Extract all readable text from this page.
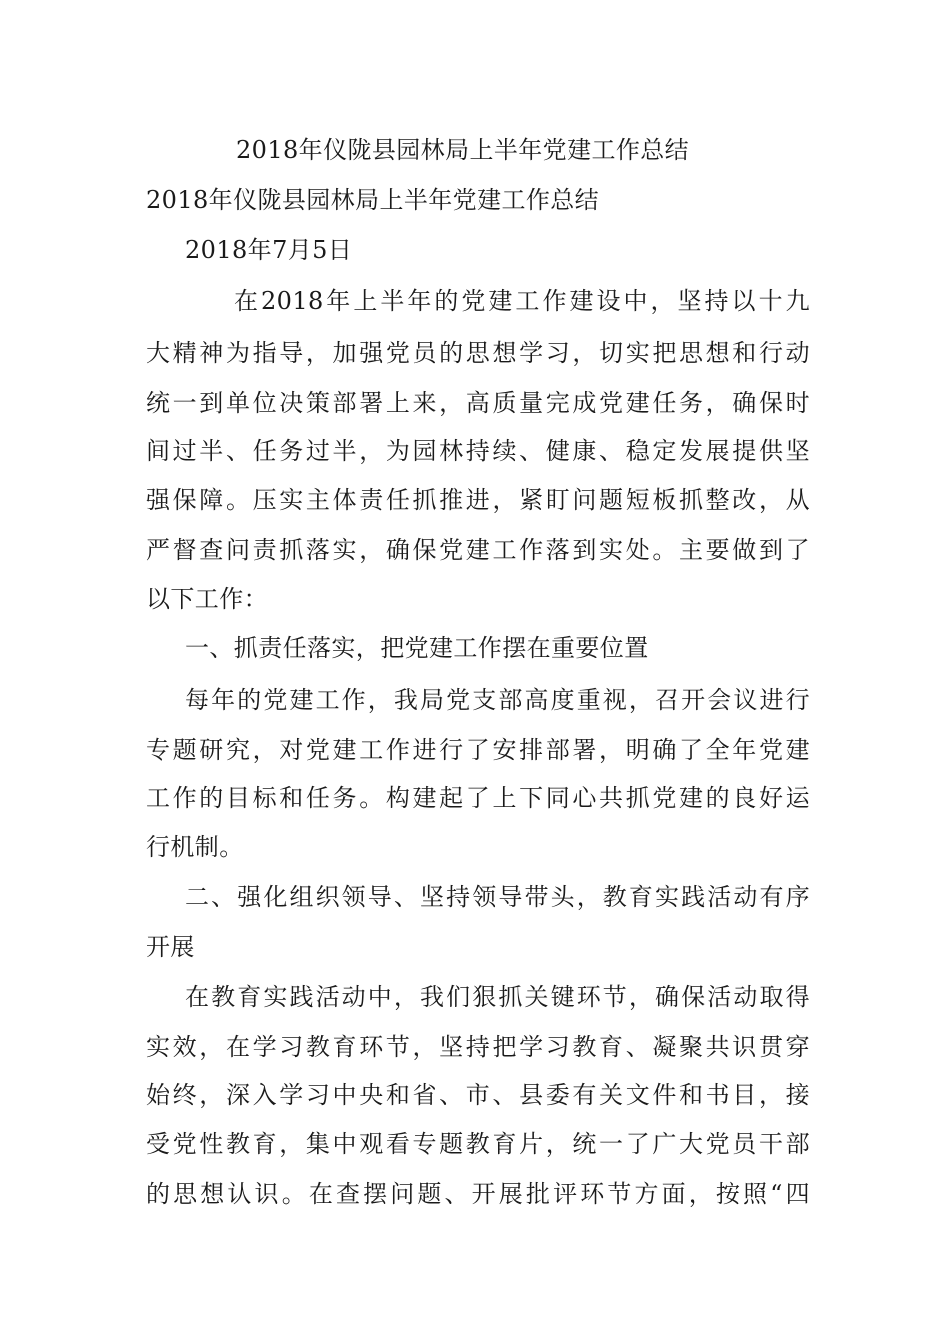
2018年仪陇县园林局上半年党建工作总结
2018年仪陇县园林局上半年党建工作总结
2018年7月5日
在2018年上半年的党建工作建设中，坚持以十九
大精神为指导，加强党员的思想学习，切实把思想和行动
统一到单位决策部署上来，高质量完成党建任务，确保时
间过半、任务过半，为园林持续、健康、稳定发展提供坚
强保障。压实主体责任抓推进，紧盯问题短板抓整改，从
严督查问责抓落实，确保党建工作落到实处。主要做到了
以下工作：
一、抓责任落实，把党建工作摆在重要位置
每年的党建工作，我局党支部高度重视，召开会议进行
专题研究，对党建工作进行了安排部署，明确了全年党建
工作的目标和任务。构建起了上下同心共抓党建的良好运
行机制。
二、强化组织领导、坚持领导带头，教育实践活动有序
开展
在教育实践活动中，我们狠抓关键环节，确保活动取得
实效，在学习教育环节，坚持把学习教育、凝聚共识贯穿
始终，深入学习中央和省、市、县委有关文件和书目，接
受党性教育，集中观看专题教育片，统一了广大党员干部
的思想认识。在查摆问题、开展批评环节方面，按照“四
